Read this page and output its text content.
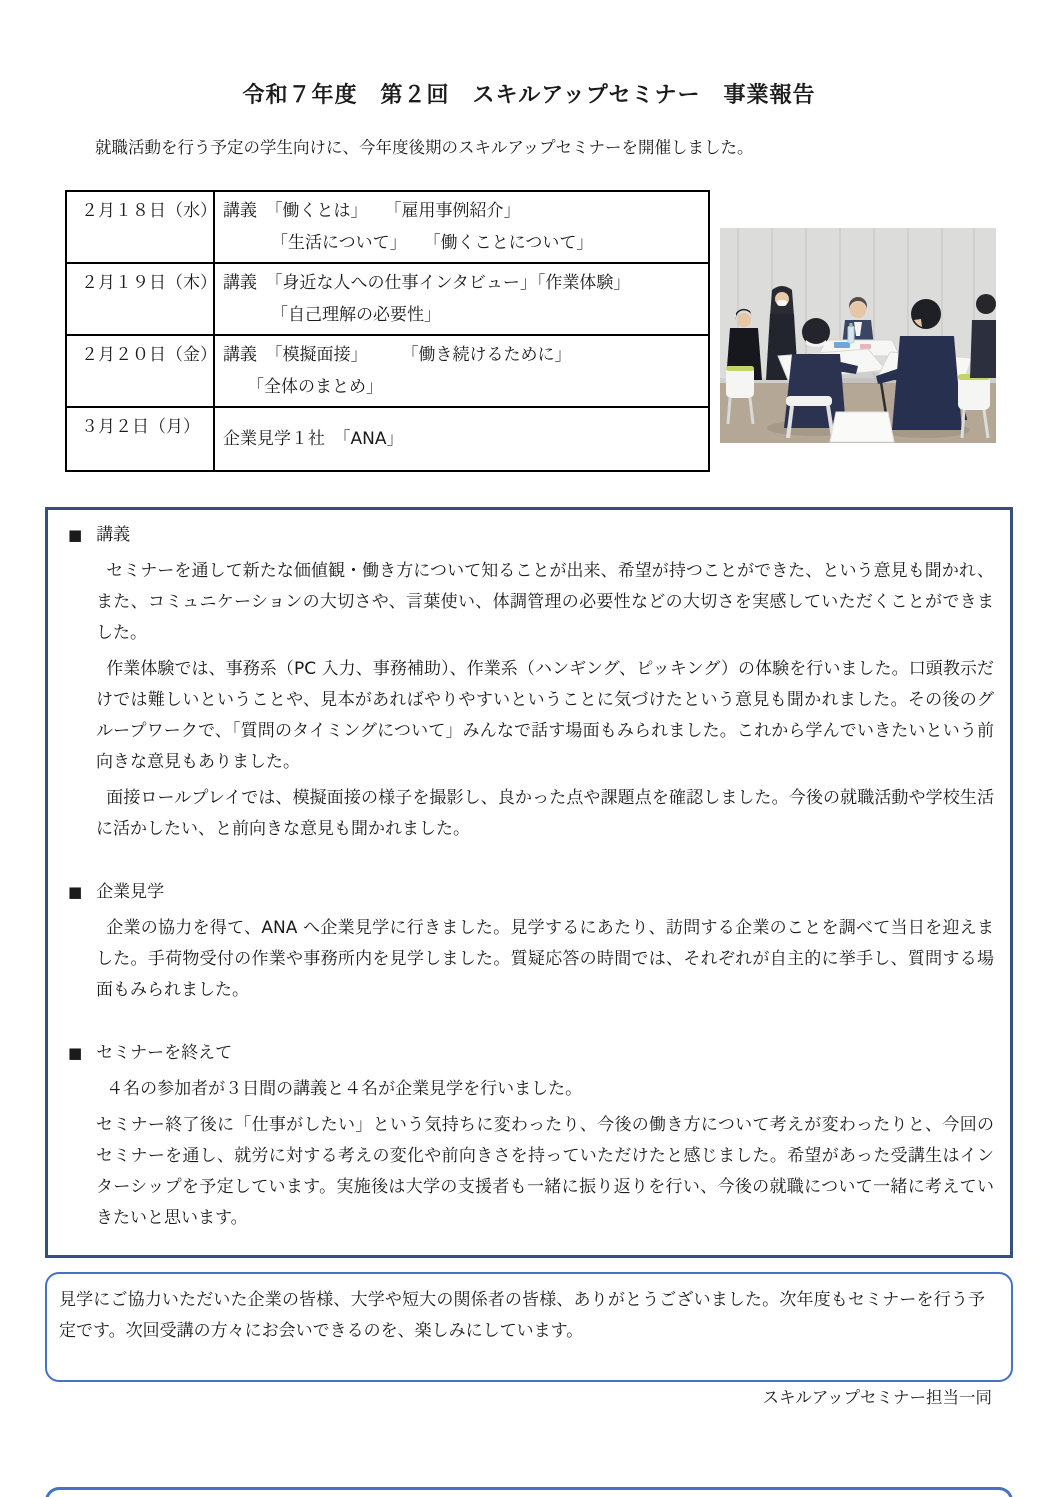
令和７年度　第２回　スキルアップセミナー　事業報告

就職活動を行う予定の学生向けに、今年度後期のスキルアップセミナーを開催しました。

２月１８日（水）	講義　「働くとは」　　「雇用事例紹介」
「生活について」　　「働くことについて」

２月１９日（木）	講義　「身近な人への仕事インタビュー」「作業体験」
「自己理解の必要性」

２月２０日（金）	講義　「模擬面接」　　　「働き続けるために」
「全体のまとめ」

３月２日（月）	企業見学１社　「ANA」
■ 講義

セミナーを通して新たな価値観・働き方について知ることが出来、希望が持つことができた、という意見も聞かれ、また、コミュニケーションの大切さや、言葉使い、体調管理の必要性などの大切さを実感していただくことができました。

作業体験では、事務系（PC 入力、事務補助）、作業系（ハンギング、ピッキング）の体験を行いました。口頭教示だけでは難しいということや、見本があればやりやすいということに気づけたという意見も聞かれました。その後のグループワークで、「質問のタイミングについて」みんなで話す場面もみられました。これから学んでいきたいという前向きな意見もありました。

面接ロールプレイでは、模擬面接の様子を撮影し、良かった点や課題点を確認しました。今後の就職活動や学校生活に活かしたい、と前向きな意見も聞かれました。

■ 企業見学

企業の協力を得て、ANA へ企業見学に行きました。見学するにあたり、訪問する企業のことを調べて当日を迎えました。手荷物受付の作業や事務所内を見学しました。質疑応答の時間では、それぞれが自主的に挙手し、質問する場面もみられました。

■ セミナーを終えて

４名の参加者が３日間の講義と４名が企業見学を行いました。

セミナー終了後に「仕事がしたい」という気持ちに変わったり、今後の働き方について考えが変わったりと、今回のセミナーを通し、就労に対する考えの変化や前向きさを持っていただけたと感じました。希望があった受講生はインターシップを予定しています。実施後は大学の支援者も一緒に振り返りを行い、今後の就職について一緒に考えていきたいと思います。

見学にご協力いただいた企業の皆様、大学や短大の関係者の皆様、ありがとうございました。次年度もセミナーを行う予定です。次回受講の方々にお会いできるのを、楽しみにしています。

スキルアップセミナー担当一同
